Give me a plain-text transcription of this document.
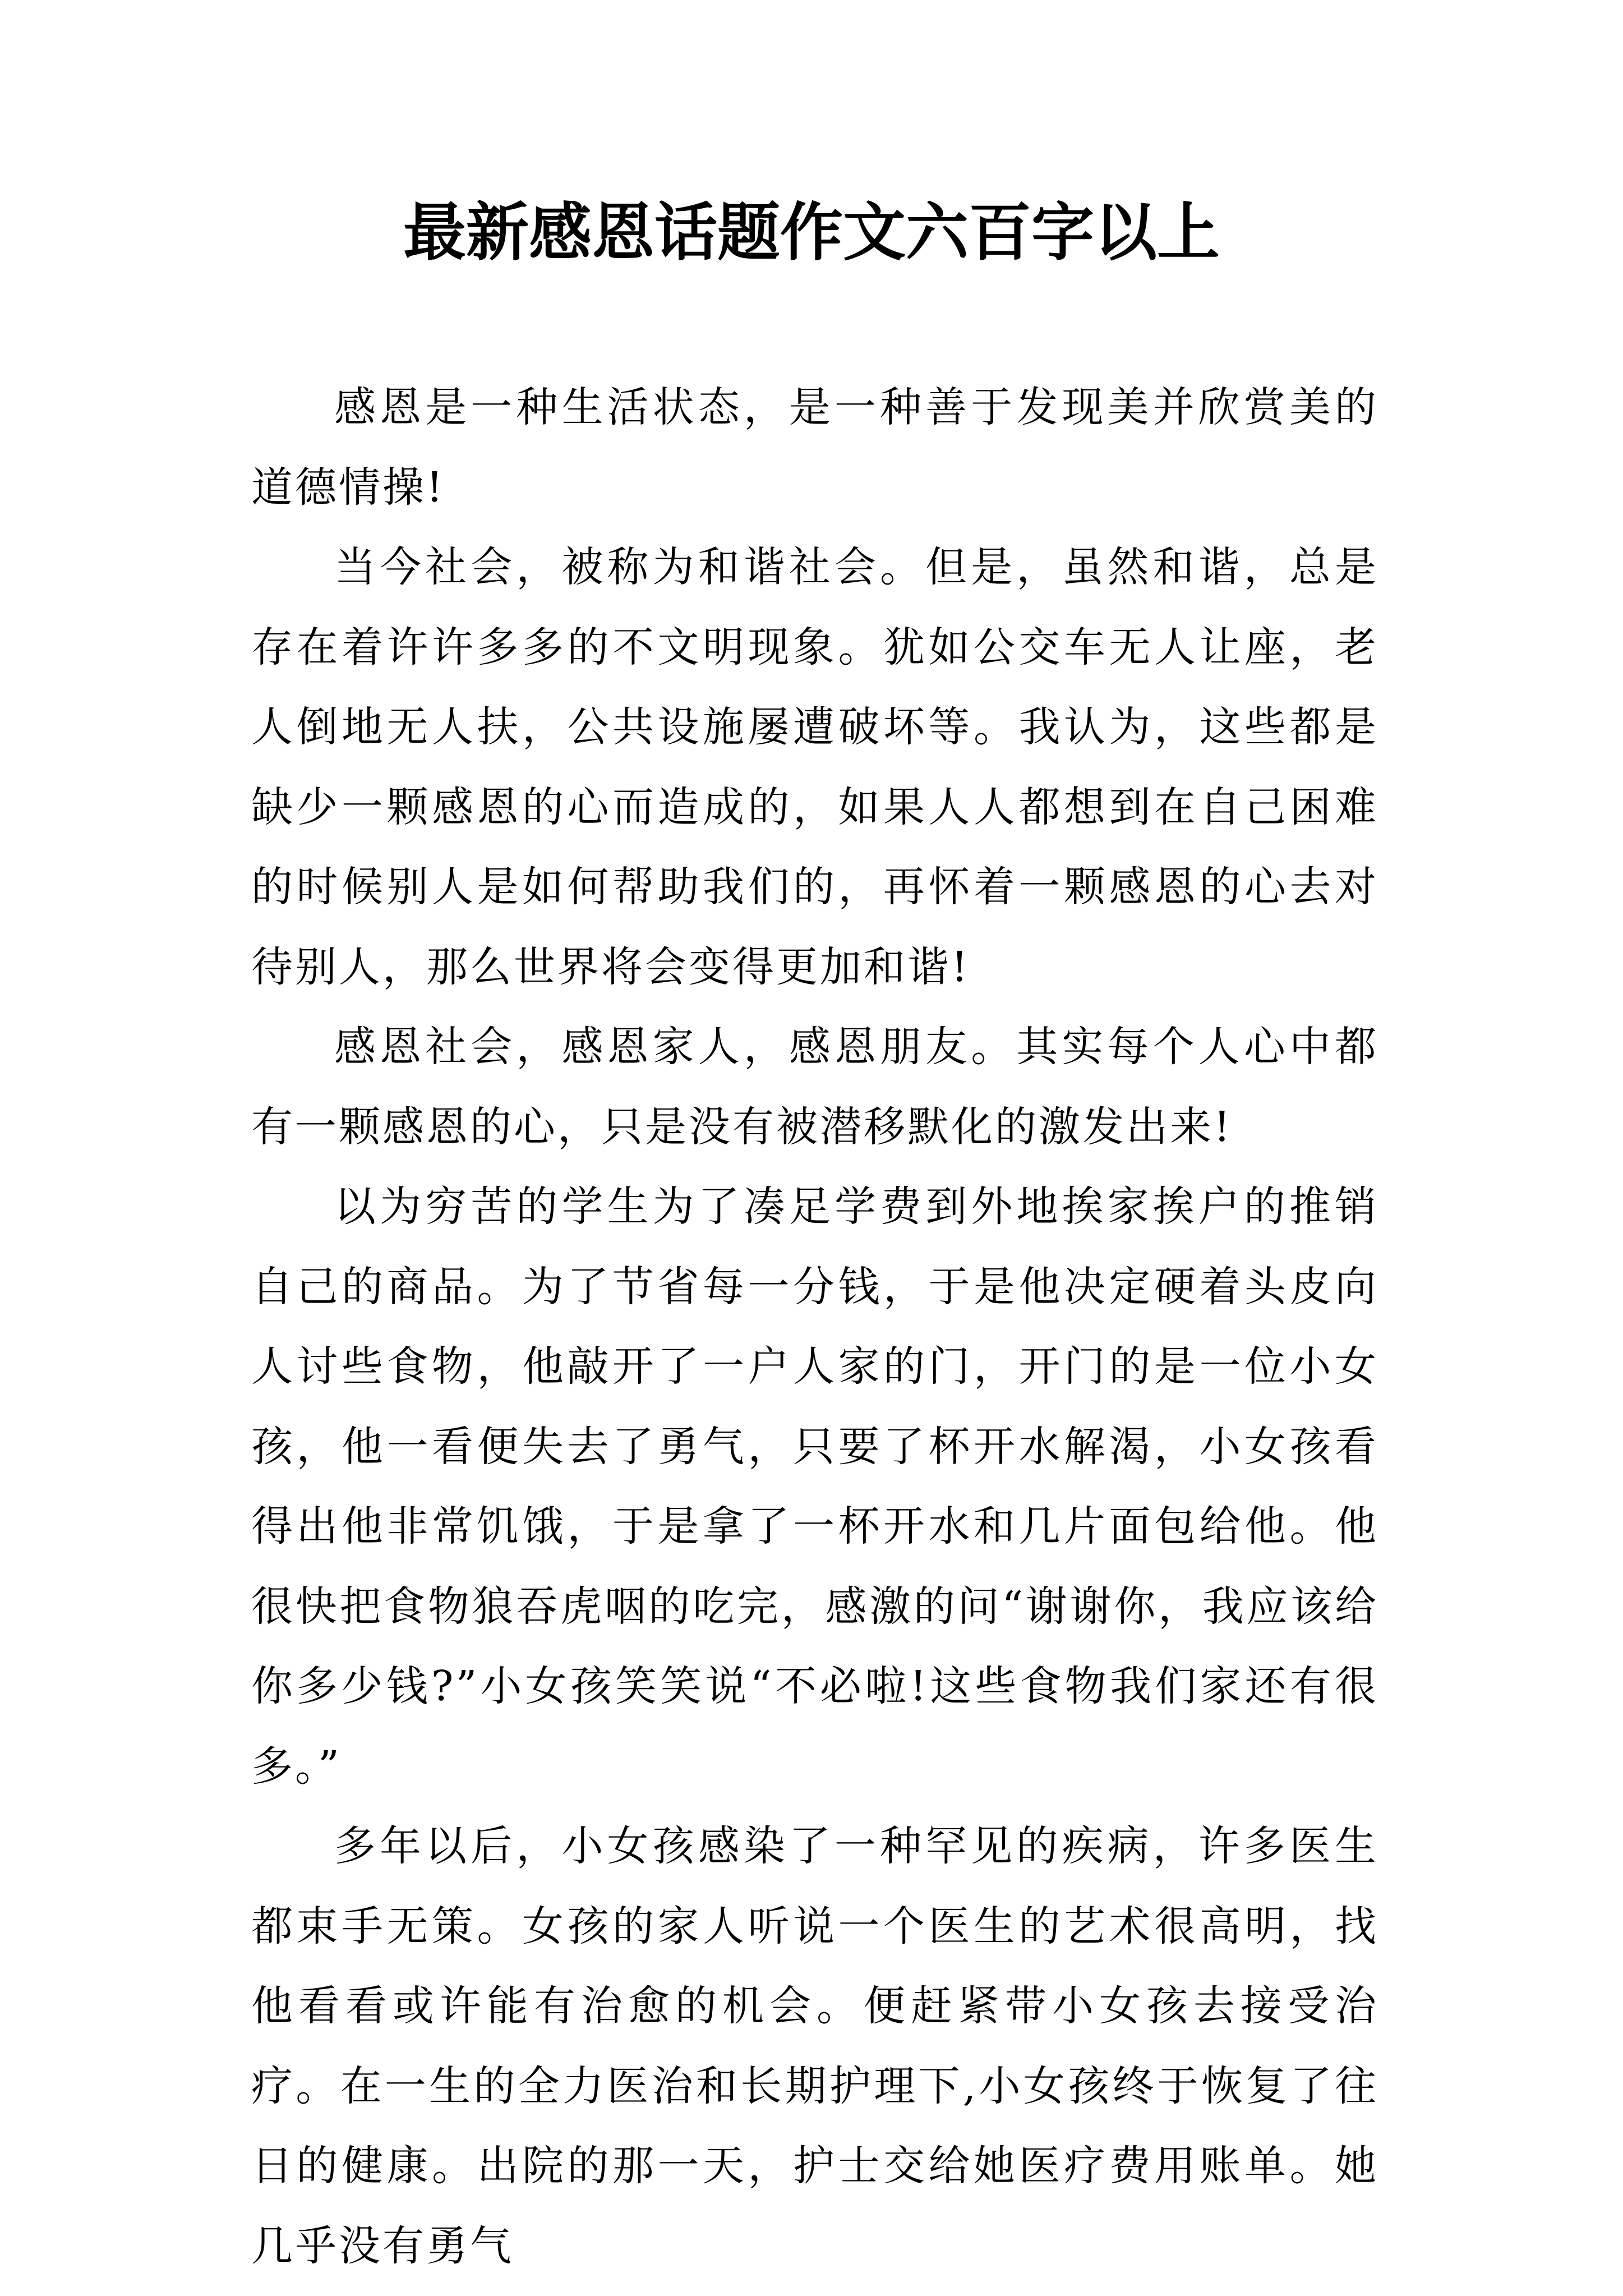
最新感恩话题作文六百字以上

感恩是一种生活状态，是一种善于发现美并欣赏美的道德情操!

当今社会，被称为和谐社会。但是，虽然和谐，总是存在着许许多多的不文明现象。犹如公交车无人让座，老人倒地无人扶，公共设施屡遭破坏等。我认为，这些都是缺少一颗感恩的心而造成的，如果人人都想到在自己困难的时候别人是如何帮助我们的，再怀着一颗感恩的心去对待别人，那么世界将会变得更加和谐!

感恩社会，感恩家人，感恩朋友。其实每个人心中都有一颗感恩的心，只是没有被潜移默化的激发出来!

以为穷苦的学生为了凑足学费到外地挨家挨户的推销自己的商品。为了节省每一分钱，于是他决定硬着头皮向人讨些食物，他敲开了一户人家的门，开门的是一位小女孩，他一看便失去了勇气，只要了杯开水解渴，小女孩看得出他非常饥饿，于是拿了一杯开水和几片面包给他。他很快把食物狼吞虎咽的吃完，感激的问“谢谢你，我应该给你多少钱?”小女孩笑笑说“不必啦!这些食物我们家还有很多。”

多年以后，小女孩感染了一种罕见的疾病，许多医生都束手无策。女孩的家人听说一个医生的艺术很高明，找他看看或许能有治愈的机会。便赶紧带小女孩去接受治疗。在一生的全力医治和长期护理下,小女孩终于恢复了往日的健康。出院的那一天，护士交给她医疗费用账单。她几乎没有勇气
